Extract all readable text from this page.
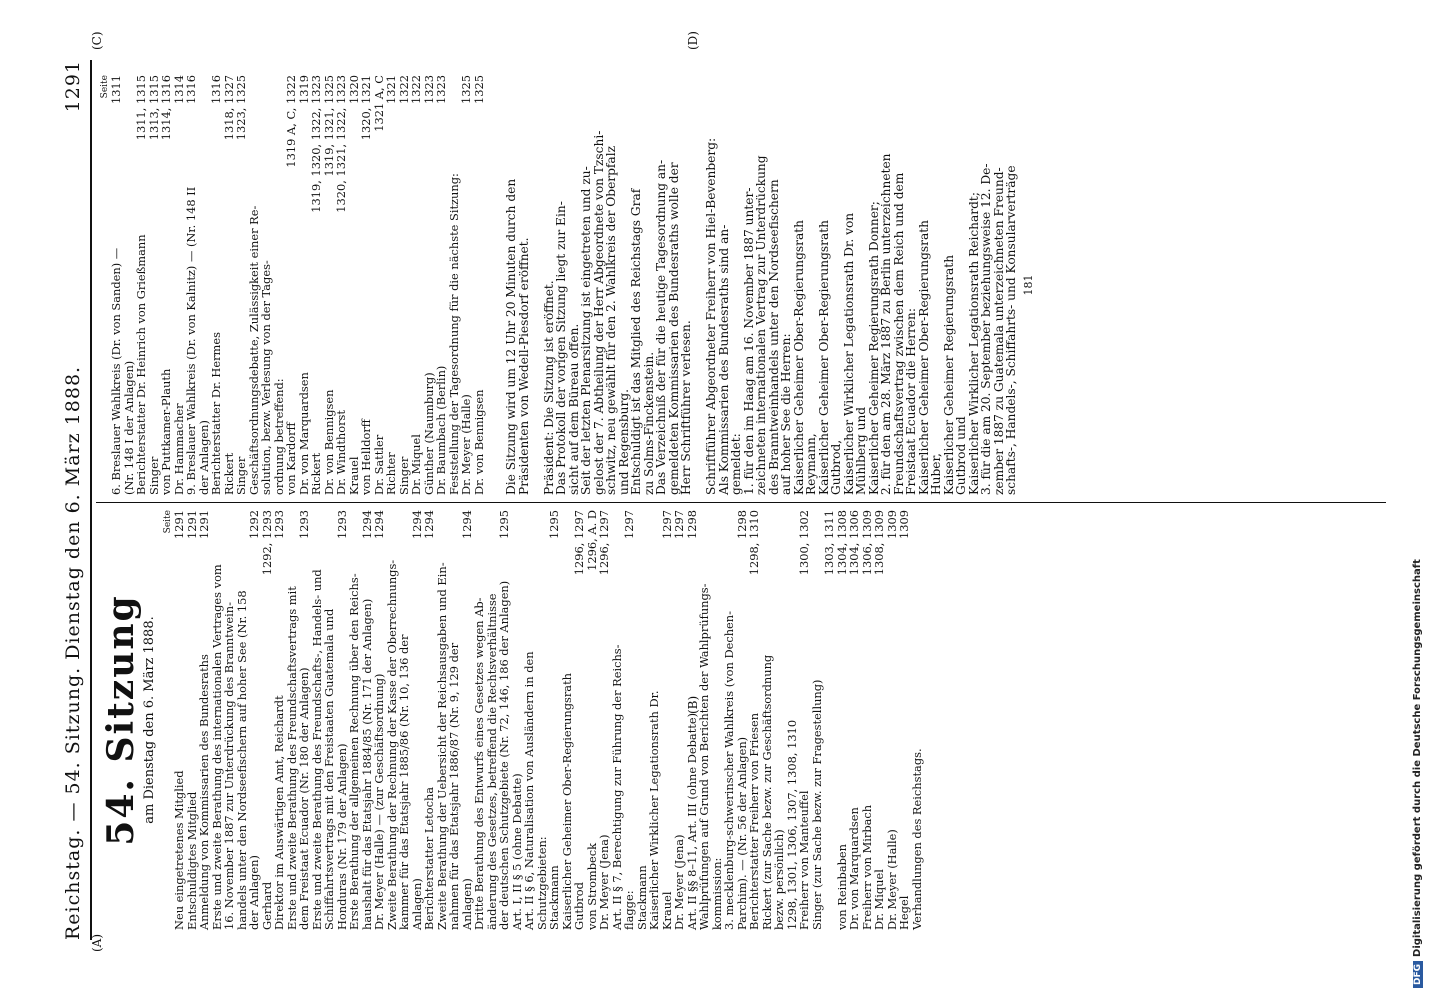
Reichstag. — 54. Sitzung. Dienstag den 6. März 1888.
1291
(A)
(B)
(C)	(D)
54. Sitzung am Dienstag den 6. März 1888.
Seite
Neu eingetretenes Mitglied
1291
Entschuldigtes Mitglied
1291
Anmeldung von Kommissarien des Bundesraths
1291
Erste und zweite Berathung des internationalen Vertrages vom
16. November 1887 zur Unterdrückung des Branntwein-
handels unter den Nordseefischern auf hoher See (Nr. 158
der Anlagen)
1292
Gerhard
1292, 1293
Direktor im Auswärtigen Amt, Reichardt
1293
Erste und zweite Berathung des Freundschaftsvertrags mit
dem Freistaat Ecuador (Nr. 180 der Anlagen)
1293
Erste und zweite Berathung des Freundschafts-, Handels- und
Schiffahrtsvertrags mit den Freistaaten Guatemala und
Honduras (Nr. 179 der Anlagen)
1293
Erste Berathung der allgemeinen Rechnung über den Reichs-
haushalt für das Etatsjahr 1884/85 (Nr. 171 der Anlagen)
1294
Dr. Meyer (Halle) — (zur Geschäftsordnung)
1294
Zweite Berathung der Rechnung der Kasse der Oberrechnungs-
kammer für das Etatsjahr 1885/86 (Nr. 10, 136 der
Anlagen)
1294
Berichterstatter Letocha
1294
Zweite Berathung der Uebersicht der Reichsausgaben und Ein-
nahmen für das Etatsjahr 1886/87 (Nr. 9, 129 der
Anlagen)
1294
Dritte Berathung des Entwurfs eines Gesetzes wegen Ab-
änderung des Gesetzes, betreffend die Rechtsverhältnisse
der deutschen Schutzgebiete (Nr. 72, 146, 186 der Anlagen)
1295
Art. I, II § 5 (ohne Debatte)
Art. II § 6, Naturalisation von Ausländern in den
Schutzgebieten:
Stackmann
1295
Kaiserlicher Geheimer Ober-Regierungsrath
Gutbrod
1296, 1297
von Strombeck
1296, A. D
Dr. Meyer (Jena)
1296, 1297
Art. II § 7, Berechtigung zur Führung der Reichs-
flagge:
1297
Stackmann
Kaiserlicher Wirklicher Legationsrath Dr.
Krauel
1297
Dr. Meyer (Jena)
1297
Art. II §§ 8–11, Art. III (ohne Debatte)
1298
Wahlprüfungen auf Grund von Berichten der Wahlprüfungs-
kommission:
3. mecklenburg-schwerinscher Wahlkreis (von Dechen-
Parchim). — (Nr. 56 der Anlagen)
1298
Berichterstatter Freiherr von Friesen
1298, 1310
Rickert (zur Sache bezw. zur Geschäftsordnung
bezw. persönlich)
1298, 1301, 1306, 1307, 1308, 1310
Freiherr von Manteuffel
1300, 1302
Singer (zur Sache bezw. zur Fragestellung)
1303, 1311
von Reinbaben
1304, 1308
Dr. von Marquardsen
1304, 1306
Freiherr von Mirbach
1306, 1309
Dr. Miquel
1308, 1309
Dr. Meyer (Halle)
1309
Hegel
1309
Verhandlungen des Reichstags.
Seite
6. Breslauer Wahlkreis (Dr. von Sanden) —
1311
(Nr. 148 I der Anlagen)
Berichterstatter Dr. Heinrich von Grießmann
1311, 1315
Singer
1313, 1315
von Puttkamer-Plauth
1314, 1316
Dr. Hammacher
1314
9. Breslauer Wahlkreis (Dr. von Kalnitz) — (Nr. 148 II
1316
der Anlagen)
Berichterstatter Dr. Hermes
1316
Rickert
1318, 1327
Singer
1323, 1325
Geschäftsordnungsdebatte, Zulässigkeit einer Re-
solution, bezw. Verlesung von der Tages-
ordnung betreffend:
von Kardorff
1319 A, C, 1322
Dr. von Marquardsen
1319
Rickert
1319, 1320, 1322, 1323
Dr. von Bennigsen
1319, 1321, 1325
Dr. Windthorst
1320, 1321, 1322, 1323
Krauel
1320
von Helldorff
1320, 1321
Dr. Sattler
1321 A, C
Richter
1321
Singer
1322
Dr. Miquel
1322
Günther (Naumburg)
1323
Dr. Baumbach (Berlin)
1323
Feststellung der Tagesordnung für die nächste Sitzung:
Dr. Meyer (Halle)
1325
Dr. von Bennigsen
1325
Die Sitzung wird um 12 Uhr 20 Minuten durch den
Präsidenten von Wedell-Piesdorf eröffnet. Präsident: Die Sitzung ist eröffnet.
Das Protokoll der vorigen Sitzung liegt zur Ein-
sicht auf dem Büreau offen.
Seit der letzten Plenarsitzung ist eingetreten und zu-
gelost der 7. Abtheilung der Herr Abgeordnete von Tzschi-
schwitz, neu gewählt für den 2. Wahlkreis der Oberpfalz
und Regensburg.
Entschuldigt ist das Mitglied des Reichstags Graf
zu Solms-Finckenstein.
Das Verzeichniß der für die heutige Tagesordnung an-
gemeldeten Kommissarien des Bundesraths wolle der
Herr Schriftführer verlesen. Schriftführer Abgeordneter Freiherr von Hiel-Bevenberg:
Als Kommissarien des Bundesraths sind an-
gemeldet:
1. für den im Haag am 16. November 1887 unter-
zeichneten internationalen Vertrag zur Unterdrückung
des Branntweinhandels unter den Nordseefischern
auf hoher See die Herren:
Kaiserlicher Geheimer Ober-Regierungsrath
Reymann,
Kaiserlicher Geheimer Ober-Regierungsrath
Gutbrod,
Kaiserlicher Wirklicher Legationsrath Dr. von
Mühlberg und
Kaiserlicher Geheimer Regierungsrath Donner;
2. für den am 28. März 1887 zu Berlin unterzeichneten
Freundschaftsvertrag zwischen dem Reich und dem
Freistaat Ecuador die Herren:
Kaiserlicher Geheimer Ober-Regierungsrath
Huber,
Kaiserlicher Geheimer Regierungsrath
Gutbrod und
Kaiserlicher Wirklicher Legationsrath Reichardt;
3. für die am 20. September beziehungsweise 12. De-
zember 1887 zu Guatemala unterzeichneten Freund-
schafts-, Handels-, Schiffahrts- und Konsularverträge 181
DFGDigitalisierung gefördert durch die Deutsche Forschungsgemeinschaft
